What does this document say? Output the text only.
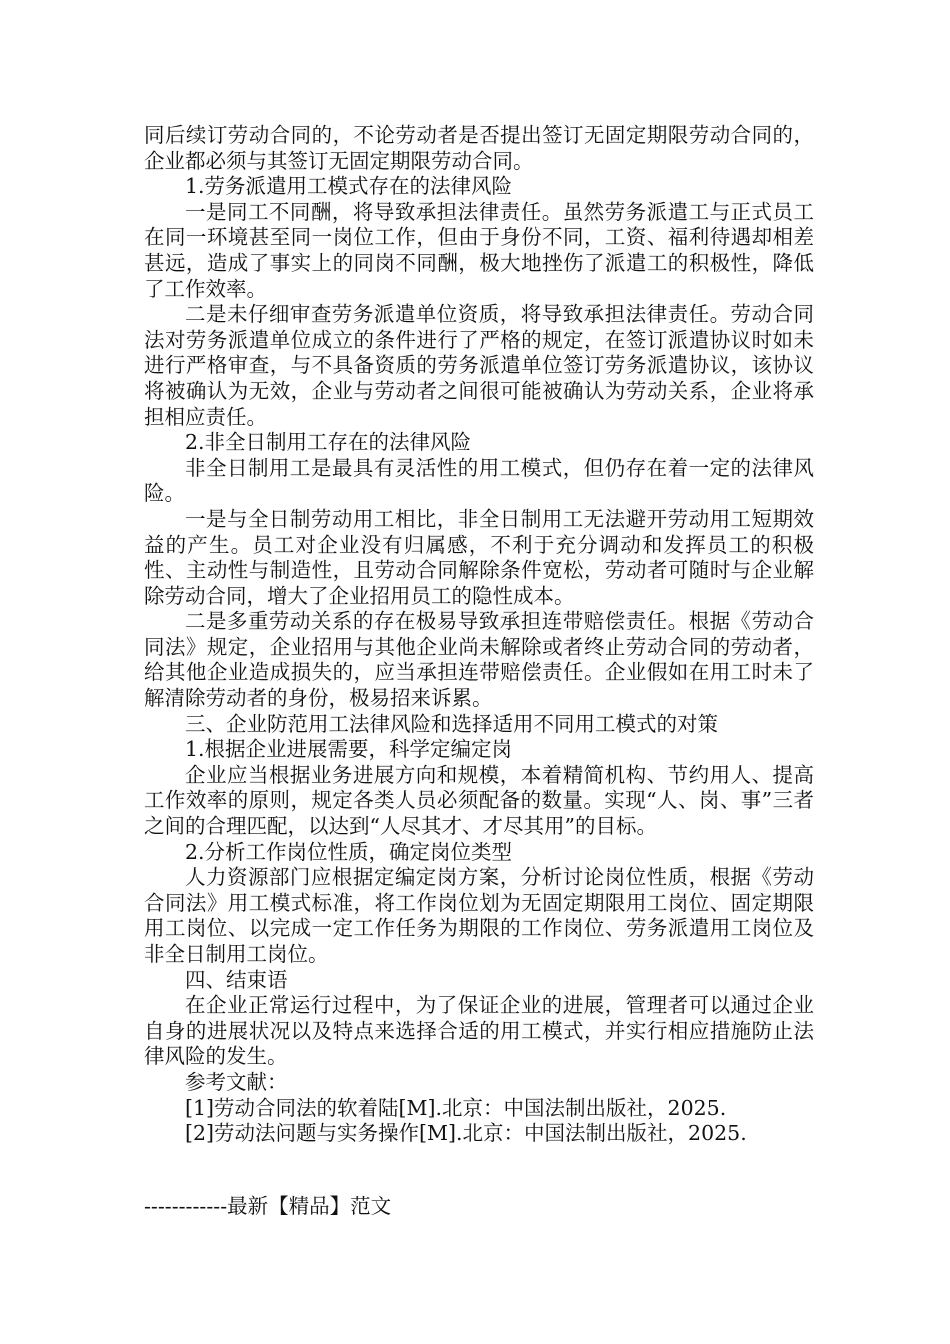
同后续订劳动合同的，不论劳动者是否提出签订无固定期限劳动合同的，企业都必须与其签订无固定期限劳动合同。

1.劳务派遣用工模式存在的法律风险

一是同工不同酬，将导致承担法律责任。虽然劳务派遣工与正式员工在同一环境甚至同一岗位工作，但由于身份不同，工资、福利待遇却相差甚远，造成了事实上的同岗不同酬，极大地挫伤了派遣工的积极性，降低了工作效率。

二是未仔细审查劳务派遣单位资质，将导致承担法律责任。劳动合同法对劳务派遣单位成立的条件进行了严格的规定，在签订派遣协议时如未进行严格审查，与不具备资质的劳务派遣单位签订劳务派遣协议，该协议将被确认为无效，企业与劳动者之间很可能被确认为劳动关系，企业将承担相应责任。

2.非全日制用工存在的法律风险

非全日制用工是最具有灵活性的用工模式，但仍存在着一定的法律风险。

一是与全日制劳动用工相比，非全日制用工无法避开劳动用工短期效益的产生。员工对企业没有归属感，不利于充分调动和发挥员工的积极性、主动性与制造性，且劳动合同解除条件宽松，劳动者可随时与企业解除劳动合同，增大了企业招用员工的隐性成本。

二是多重劳动关系的存在极易导致承担连带赔偿责任。根据《劳动合同法》规定，企业招用与其他企业尚未解除或者终止劳动合同的劳动者，给其他企业造成损失的，应当承担连带赔偿责任。企业假如在用工时未了解清除劳动者的身份，极易招来诉累。

三、企业防范用工法律风险和选择适用不同用工模式的对策

1.根据企业进展需要，科学定编定岗

企业应当根据业务进展方向和规模，本着精简机构、节约用人、提高工作效率的原则，规定各类人员必须配备的数量。实现“人、岗、事”三者之间的合理匹配，以达到“人尽其才、才尽其用”的目标。

2.分析工作岗位性质，确定岗位类型

人力资源部门应根据定编定岗方案，分析讨论岗位性质，根据《劳动合同法》用工模式标准，将工作岗位划为无固定期限用工岗位、固定期限用工岗位、以完成一定工作任务为期限的工作岗位、劳务派遣用工岗位及非全日制用工岗位。

四、结束语

在企业正常运行过程中，为了保证企业的进展，管理者可以通过企业自身的进展状况以及特点来选择合适的用工模式，并实行相应措施防止法律风险的发生。

参考文献：

[1]劳动合同法的软着陆[M].北京：中国法制出版社，2025.

[2]劳动法问题与实务操作[M].北京：中国法制出版社，2025.

------------最新【精品】范文
